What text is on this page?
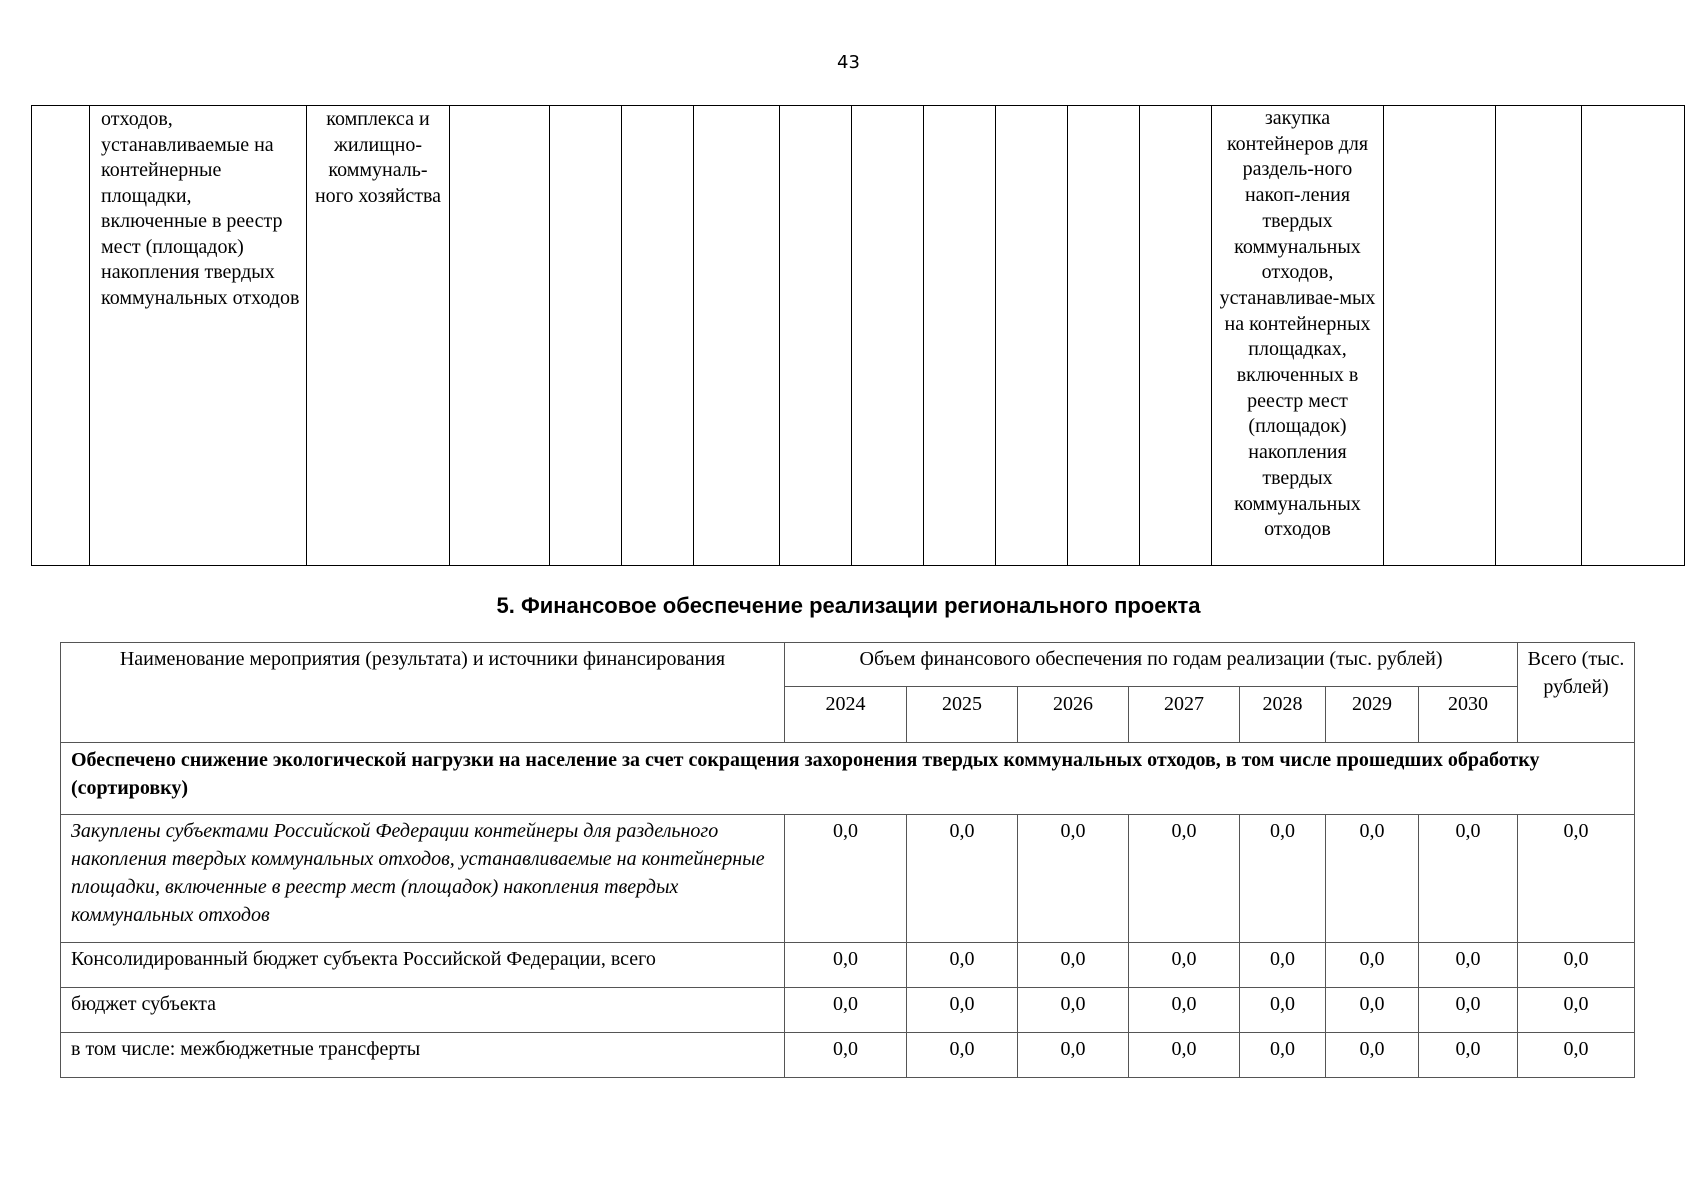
43
	отходов, устанавливаемые на контейнерные площадки, включенные в реестр мест (площадок) накопления твердых коммунальных отходов	комплекса и жилищно-коммуналь-ного хозяйства											закупка контейнеров для раздель-ного накоп-ления твердых коммунальных отходов, устанавливае-мых на контейнерных площадках, включенных в реестр мест (площадок) накопления твердых коммунальных отходов			
5. Финансовое обеспечение реализации регионального проекта
Наименование мероприятия (результата) и источники финансирования	Объем финансового обеспечения по годам реализации (тыс. рублей)							Всего (тыс. рублей)
	2024	2025	2026	2027	2028	2029	2030	
Обеспечено снижение экологической нагрузки на население за счет сокращения захоронения твердых коммунальных отходов, в том числе прошедших обработку (сортировку)								
Закуплены субъектами Российской Федерации контейнеры для раздельного накопления твердых коммунальных отходов, устанавливаемые на контейнерные площадки, включенные в реестр мест (площадок) накопления твердых коммунальных отходов	0,0	0,0	0,0	0,0	0,0	0,0	0,0	0,0
Консолидированный бюджет субъекта Российской Федерации, всего	0,0	0,0	0,0	0,0	0,0	0,0	0,0	0,0
бюджет субъекта	0,0	0,0	0,0	0,0	0,0	0,0	0,0	0,0
в том числе: межбюджетные трансферты	0,0	0,0	0,0	0,0	0,0	0,0	0,0	0,0
